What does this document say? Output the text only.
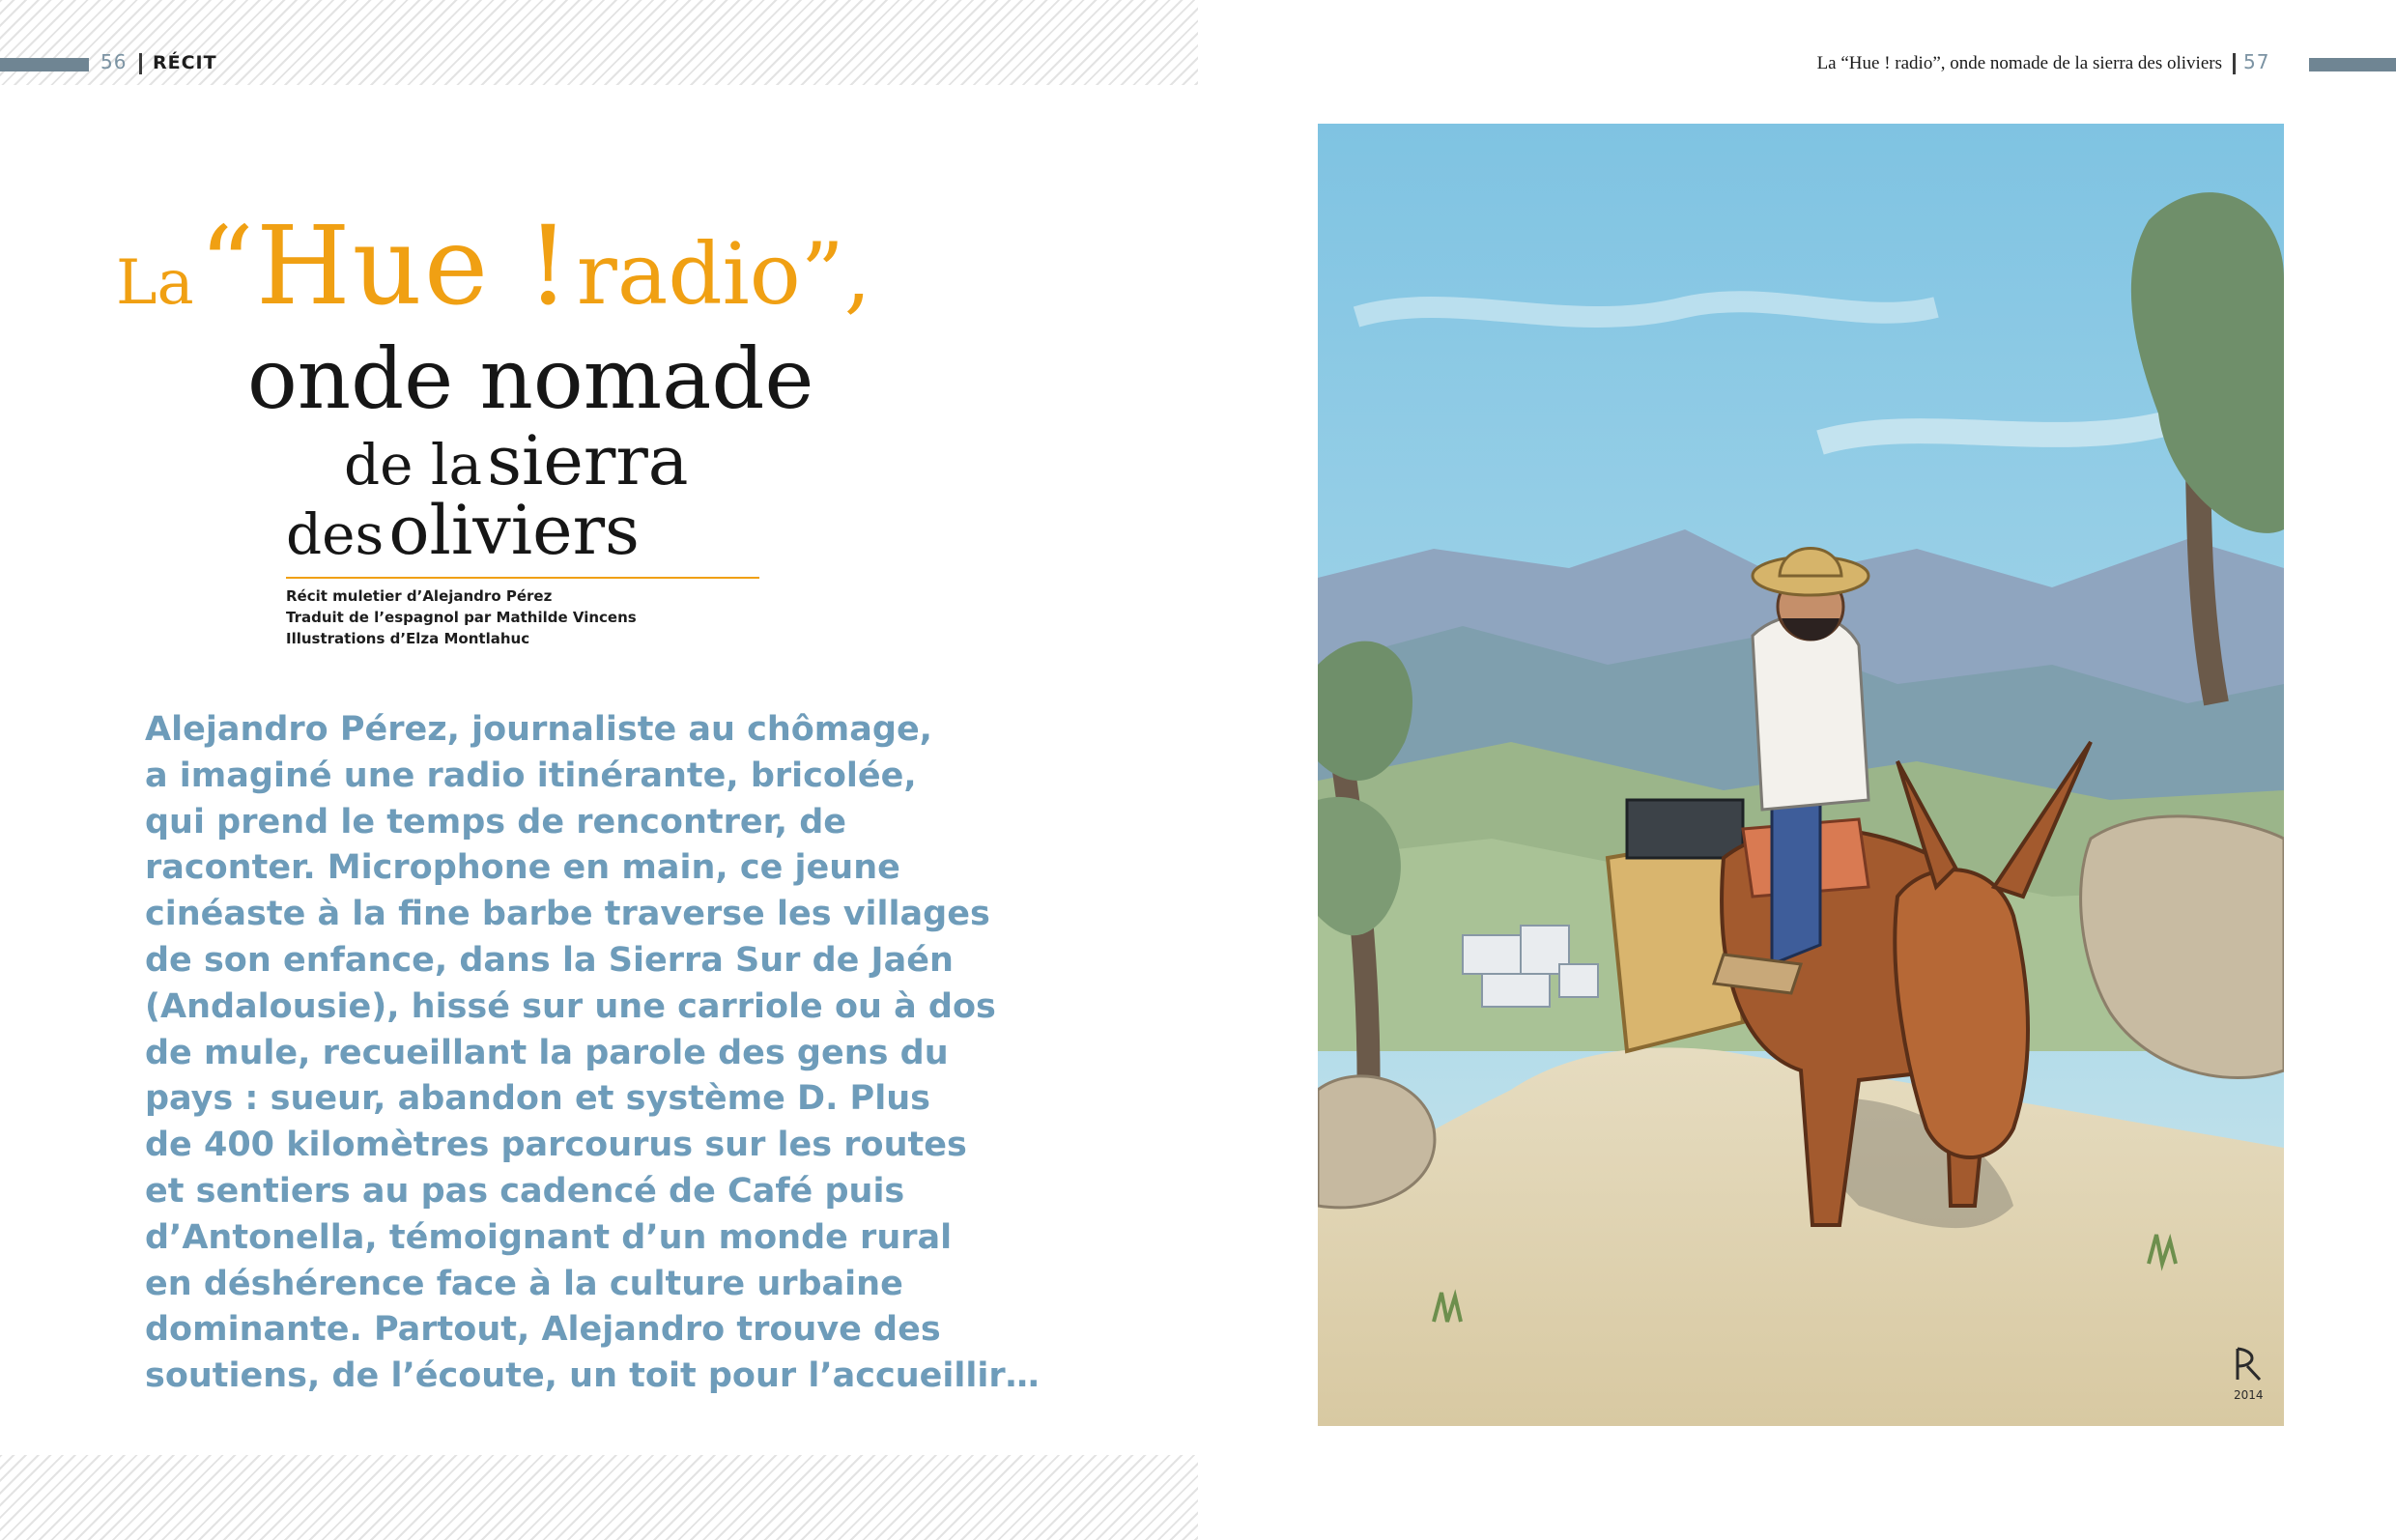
56 RÉCIT	La “Hue ! radio”, onde nomade de la sierra des oliviers 57
La “Hue ! radio”,
onde nomade
de la sierra
des oliviers
Récit muletier d’Alejandro Pérez
Traduit de l’espagnol par Mathilde Vincens
Illustrations d’Elza Montlahuc
Alejandro Pérez, journaliste au chômage,
a imaginé une radio itinérante, bricolée,
qui prend le temps de rencontrer, de
raconter. Microphone en main, ce jeune
cinéaste à la fine barbe traverse les villages
de son enfance, dans la Sierra Sur de Jaén
(Andalousie), hissé sur une carriole ou à dos
de mule, recueillant la parole des gens du
pays : sueur, abandon et système D. Plus
de 400 kilomètres parcourus sur les routes
et sentiers au pas cadencé de Café puis
d’Antonella, témoignant d’un monde rural
en déshérence face à la culture urbaine
dominante. Partout, Alejandro trouve des
soutiens, de l’écoute, un toit pour l’accueillir…	2014
